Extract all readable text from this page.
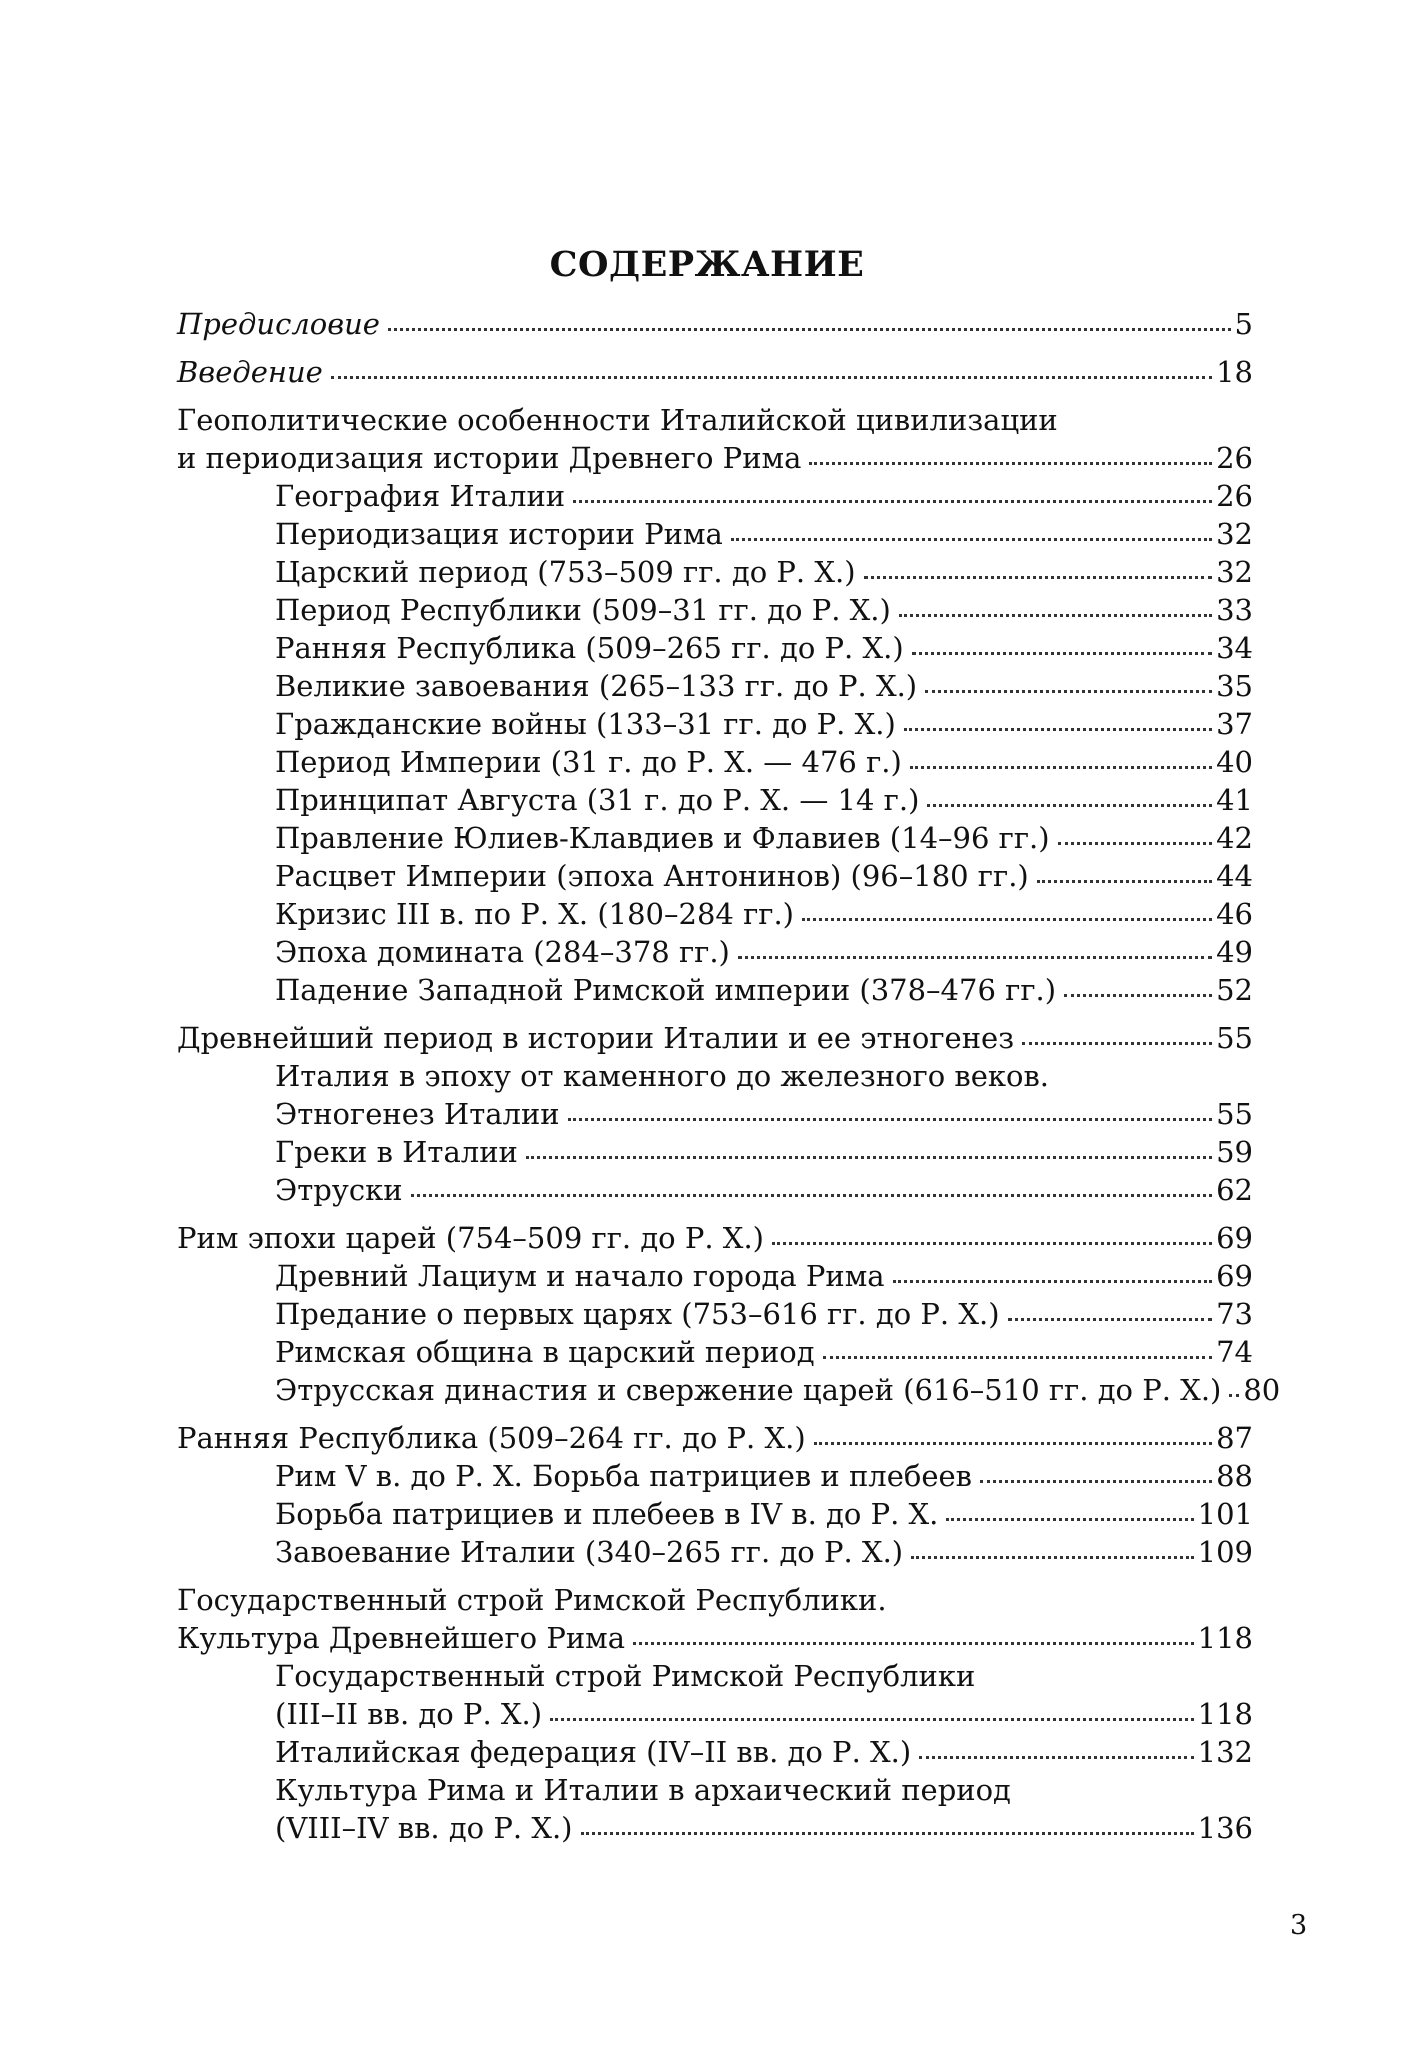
СОДЕРЖАНИЕ
Предисловие	5
Введение	18
Геополитические особенности Италийской цивилизации
и периодизация истории Древнего Рима	26
География Италии	26
Периодизация истории Рима	32
Царский период (753–509 гг. до Р. Х.)	32
Период Республики (509–31 гг. до Р. Х.)	33
Ранняя Республика (509–265 гг. до Р. Х.)	34
Великие завоевания (265–133 гг. до Р. Х.)	35
Гражданские войны (133–31 гг. до Р. Х.)	37
Период Империи (31 г. до Р. Х. — 476 г.)	40
Принципат Августа (31 г. до Р. Х. — 14 г.)	41
Правление Юлиев-Клавдиев и Флавиев (14–96 гг.)	42
Расцвет Империи (эпоха Антонинов) (96–180 гг.)	44
Кризис III в. по Р. Х. (180–284 гг.)	46
Эпоха домината (284–378 гг.)	49
Падение Западной Римской империи (378–476 гг.)	52
Древнейший период в истории Италии и ее этногенез	55
Италия в эпоху от каменного до железного веков.
Этногенез Италии	55
Греки в Италии	59
Этруски	62
Рим эпохи царей (754–509 гг. до Р. Х.)	69
Древний Лациум и начало города Рима	69
Предание о первых царях (753–616 гг. до Р. Х.)	73
Римская община в царский период	74
Этрусская династия и свержение царей (616–510 гг. до Р. Х.) 80
Ранняя Республика (509–264 гг. до Р. Х.)	87
Рим V в. до Р. Х. Борьба патрициев и плебеев	88
Борьба патрициев и плебеев в IV в. до Р. Х.	101
Завоевание Италии (340–265 гг. до Р. Х.)	109
Государственный строй Римской Республики.
Культура Древнейшего Рима	118
Государственный строй Римской Республики
(III–II вв. до Р. Х.)	118
Италийская федерация (IV–II вв. до Р. Х.)	132
Культура Рима и Италии в архаический период
(VIII–IV вв. до Р. Х.)	136

3
